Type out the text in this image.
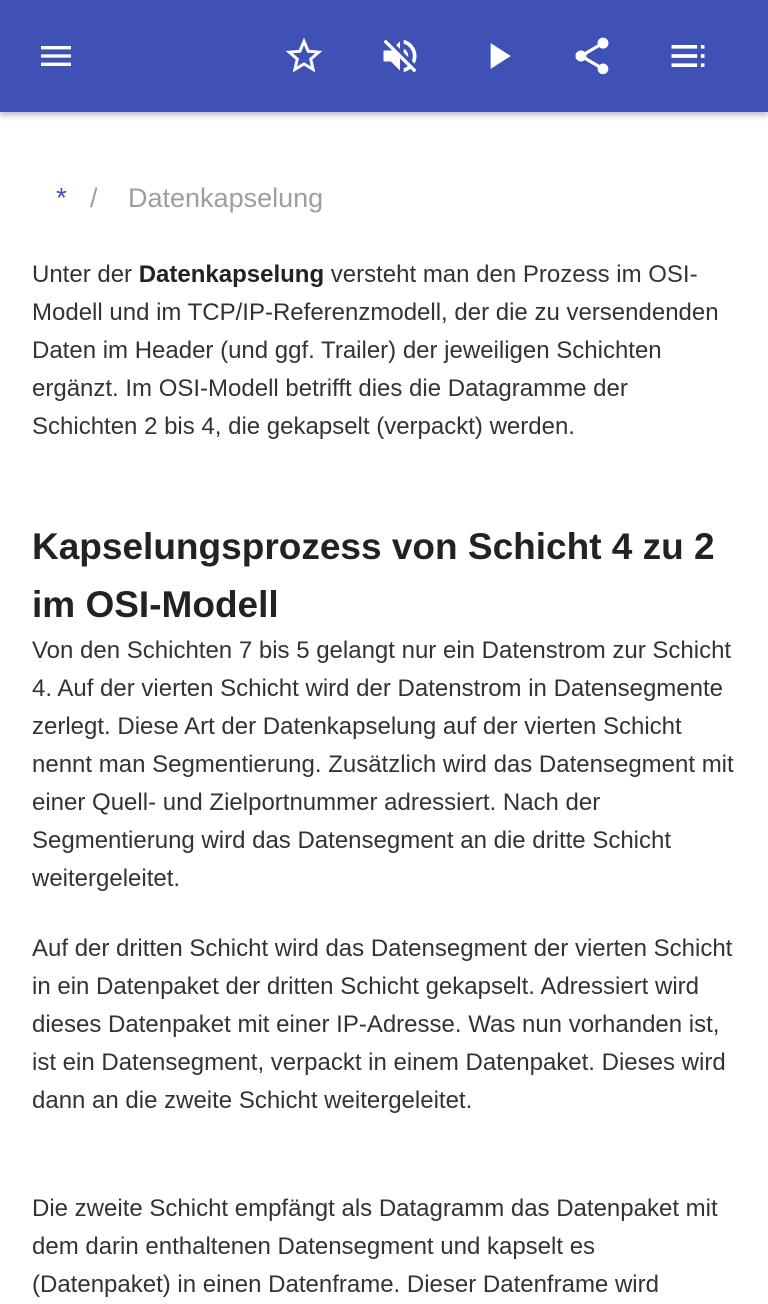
* / Datenkapselung
Unter der Datenkapselung versteht man den Prozess im OSI-Modell und im TCP/IP-Referenzmodell, der die zu versendenden Daten im Header (und ggf. Trailer) der jeweiligen Schichten ergänzt. Im OSI-Modell betrifft dies die Datagramme der Schichten 2 bis 4, die gekapselt (verpackt) werden.
Kapselungsprozess von Schicht 4 zu 2 im OSI-Modell
Von den Schichten 7 bis 5 gelangt nur ein Datenstrom zur Schicht 4. Auf der vierten Schicht wird der Datenstrom in Datensegmente zerlegt. Diese Art der Datenkapselung auf der vierten Schicht nennt man Segmentierung. Zusätzlich wird das Datensegment mit einer Quell- und Zielportnummer adressiert. Nach der Segmentierung wird das Datensegment an die dritte Schicht weitergeleitet.
Auf der dritten Schicht wird das Datensegment der vierten Schicht in ein Datenpaket der dritten Schicht gekapselt. Adressiert wird dieses Datenpaket mit einer IP-Adresse. Was nun vorhanden ist, ist ein Datensegment, verpackt in einem Datenpaket. Dieses wird dann an die zweite Schicht weitergeleitet.
Die zweite Schicht empfängt als Datagramm das Datenpaket mit dem darin enthaltenen Datensegment und kapselt es (Datenpaket) in einen Datenframe. Dieser Datenframe wird
